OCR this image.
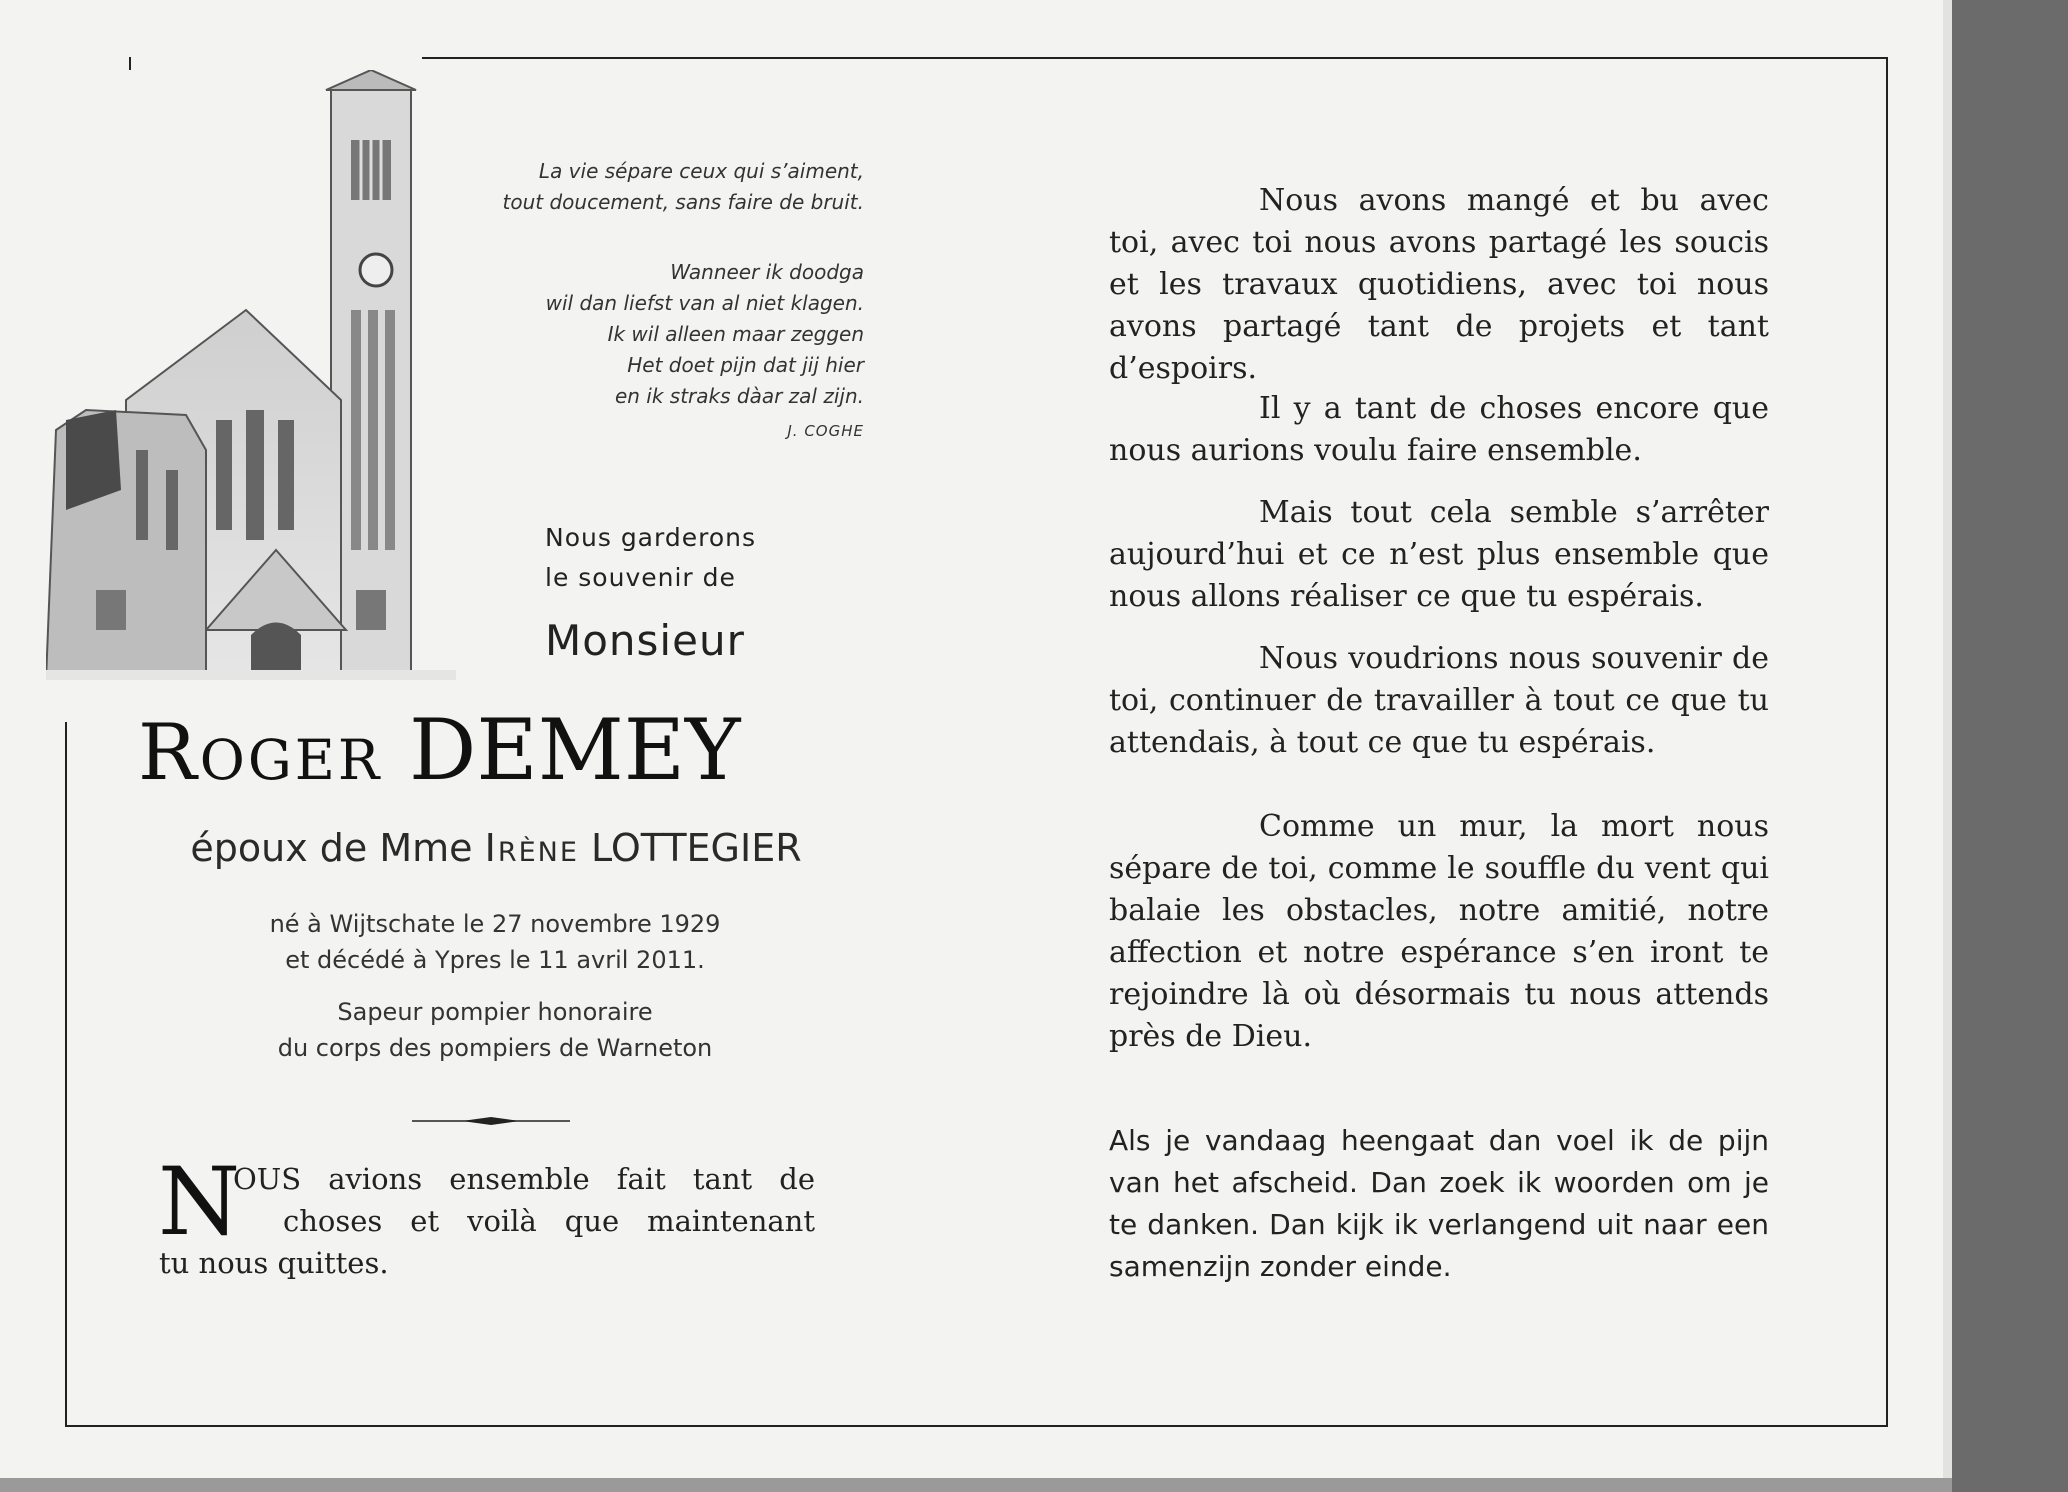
La vie sépare ceux qui s’aiment,
tout doucement, sans faire de bruit.
Wanneer ik doodga
wil dan liefst van al niet klagen.
Ik wil alleen maar zeggen
Het doet pijn dat jij hier
en ik straks dàar zal zijn.
J. COGHE
Nous garderons
le souvenir de
Monsieur
Roger DEMEY
époux de Mme Irène LOTTEGIER
né à Wijtschate le 27 novembre 1929
et décédé à Ypres le 11 avril 2011.
Sapeur pompier honoraire
du corps des pompiers de Warneton
N
OUS avions ensemble fait tant de
choses et voilà que maintenant
tu nous quittes.

Nous avons mangé et bu avec toi, avec toi nous avons partagé les soucis et les travaux quotidiens, avec toi nous avons partagé tant de projets et tant d’espoirs.

Il y a tant de choses encore que nous aurions voulu faire ensemble.

Mais tout cela semble s’arrêter aujourd’hui et ce n’est plus ensemble que nous allons réaliser ce que tu espérais.

Nous voudrions nous souvenir de toi, continuer de travailler à tout ce que tu attendais, à tout ce que tu espérais.

Comme un mur, la mort nous sépare de toi, comme le souffle du vent qui balaie les obstacles, notre amitié, notre affection et notre espérance s’en iront te rejoindre là où désormais tu nous attends près de Dieu.

Als je vandaag heengaat dan voel ik de pijn van het afscheid. Dan zoek ik woorden om je te danken. Dan kijk ik verlangend uit naar een samenzijn zonder einde.
